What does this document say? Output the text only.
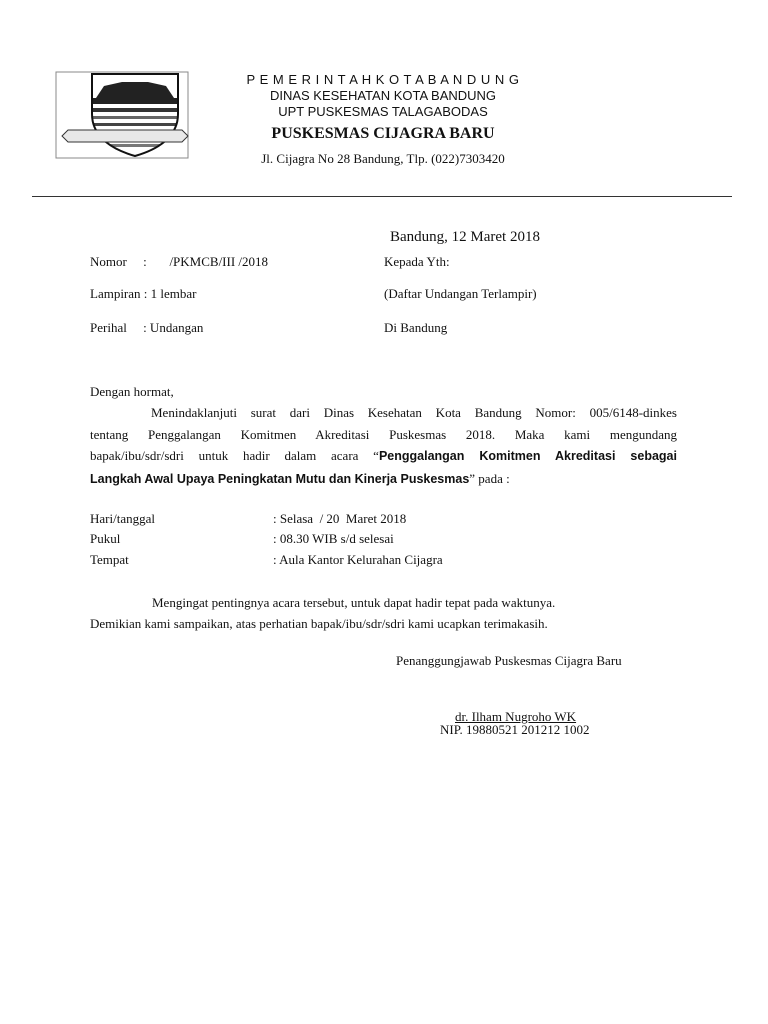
P E M E R I N T A H K O T A B A N D U N G
DINAS KESEHATAN KOTA BANDUNG
UPT PUSKESMAS TALAGABODAS
PUSKESMAS CIJAGRA BARU
Jl. Cijagra No 28 Bandung, Tlp. (022)7303420
Bandung, 12 Maret 2018
Nomor     :       /PKMCB/III /2018
Lampiran : 1 lembar
Perihal     : Undangan
Kepada Yth:
(Daftar Undangan Terlampir)
Di Bandung
Dengan hormat,
Menindaklanjuti surat dari Dinas Kesehatan Kota Bandung Nomor: 005/6148-dinkes
tentang Penggalangan Komitmen Akreditasi Puskesmas 2018. Maka kami mengundang
bapak/ibu/sdr/sdri untuk hadir dalam acara “Penggalangan Komitmen Akreditasi sebagai
Langkah Awal Upaya Peningkatan Mutu dan Kinerja Puskesmas” pada :
Hari/tanggal	: Selasa  / 20  Maret 2018
Pukul	: 08.30 WIB s/d selesai
Tempat	: Aula Kantor Kelurahan Cijagra
Mengingat pentingnya acara tersebut, untuk dapat hadir tepat pada waktunya.
Demikian kami sampaikan, atas perhatian bapak/ibu/sdr/sdri kami ucapkan terimakasih.
Penanggungjawab Puskesmas Cijagra Baru
dr. Ilham Nugroho WK
NIP. 19880521 201212 1002
